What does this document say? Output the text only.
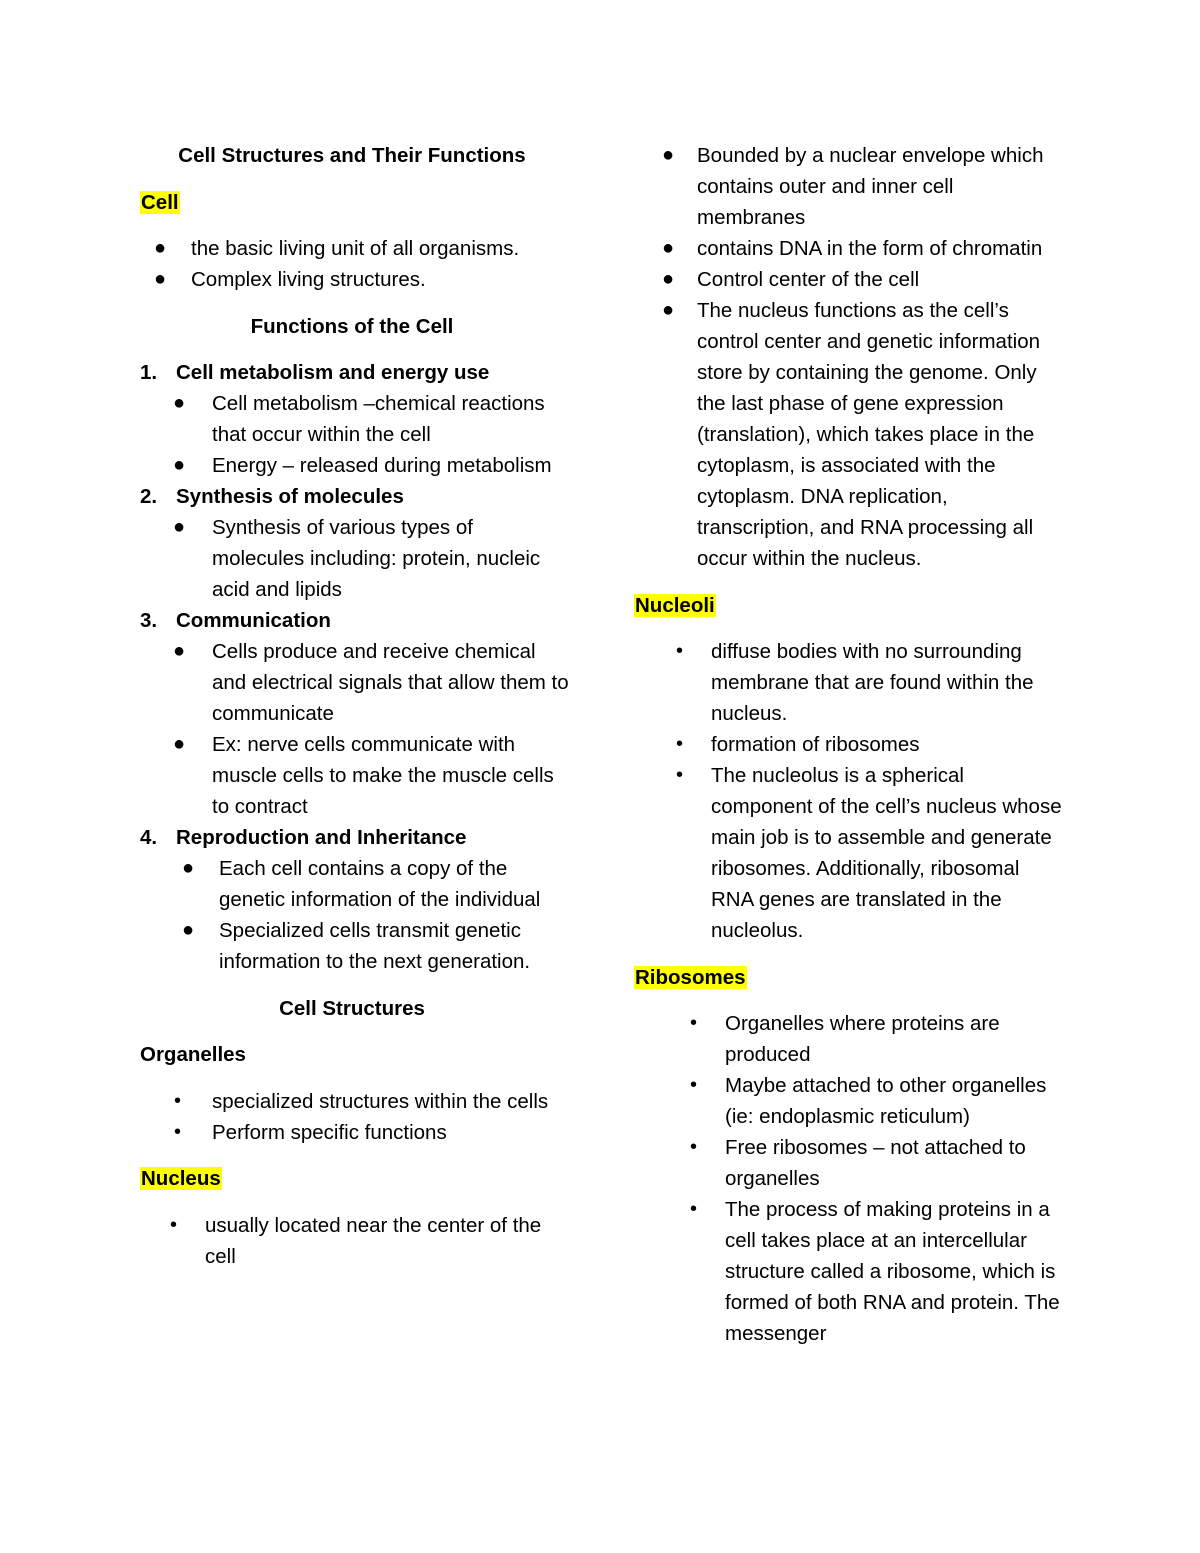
Cell Structures and Their Functions
Cell
● the basic living unit of all organisms.
● Complex living structures.
Functions of the Cell
1. Cell metabolism and energy use
● Cell metabolism –chemical reactions that occur within the cell
● Energy – released during metabolism
2. Synthesis of molecules
● Synthesis of various types of molecules including: protein, nucleic acid and lipids
3. Communication
● Cells produce and receive chemical and electrical signals that allow them to communicate
● Ex: nerve cells communicate with muscle cells to make the muscle cells to contract
4. Reproduction and Inheritance
● Each cell contains a copy of the genetic information of the individual
● Specialized cells transmit genetic information to the next generation.
Cell Structures
Organelles
• specialized structures within the cells
• Perform specific functions
Nucleus
• usually located near the center of the cell
● Bounded by a nuclear envelope which contains outer and inner cell membranes
● contains DNA in the form of chromatin
● Control center of the cell
● The nucleus functions as the cell’s control center and genetic information store by containing the genome. Only the last phase of gene expression (translation), which takes place in the cytoplasm, is associated with the cytoplasm. DNA replication, transcription, and RNA processing all occur within the nucleus.
Nucleoli
• diffuse bodies with no surrounding membrane that are found within the nucleus.
• formation of ribosomes
• The nucleolus is a spherical component of the cell’s nucleus whose main job is to assemble and generate ribosomes. Additionally, ribosomal RNA genes are translated in the nucleolus.
Ribosomes
• Organelles where proteins are produced
• Maybe attached to other organelles (ie: endoplasmic reticulum)
• Free ribosomes – not attached to organelles
• The process of making proteins in a cell takes place at an intercellular structure called a ribosome, which is formed of both RNA and protein. The messenger
